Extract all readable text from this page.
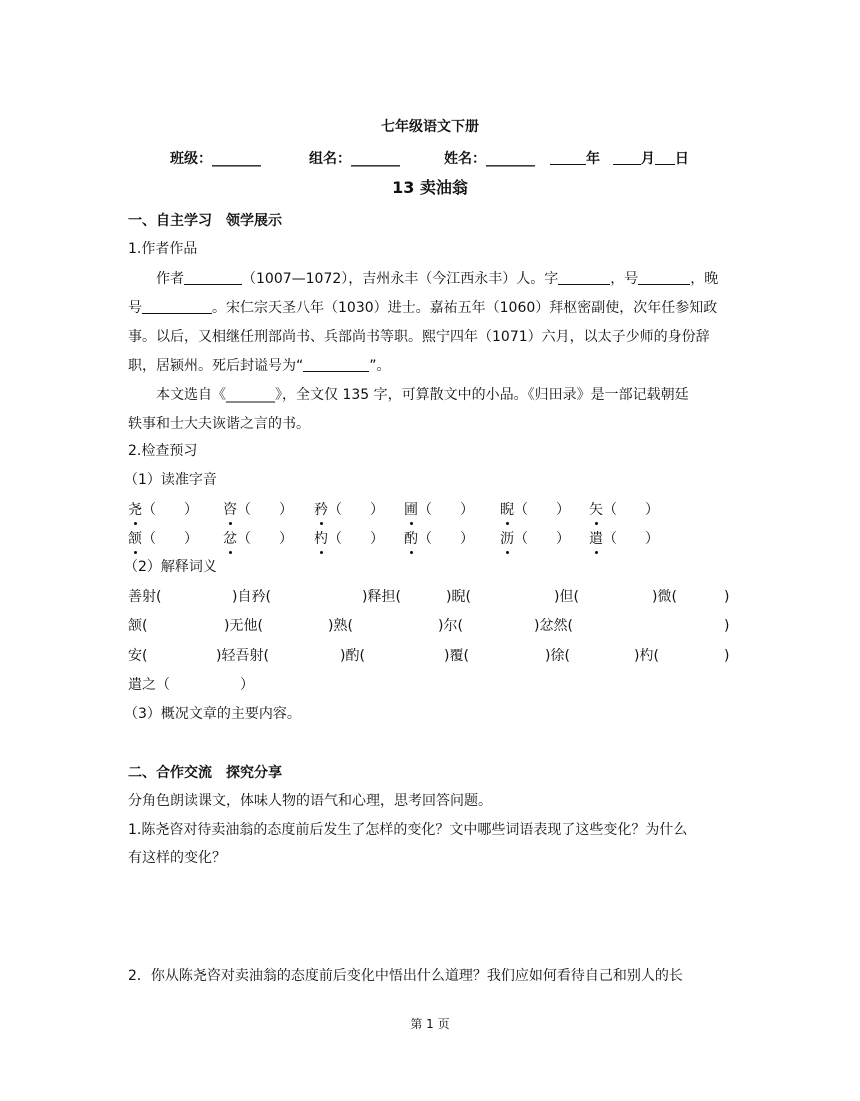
七年级语文下册
班级：_______	组名：_______	姓名：_______	年	月 日
13 卖油翁
一、自主学习　领学展示
1.作者作品
作者	（1007—1072），吉州永丰（今江西永丰）人。字	，号	，晚
号	。宋仁宗天圣八年（1030）进士。嘉祐五年（1060）拜枢密副使，次年任参知政
事。以后，又相继任刑部尚书、兵部尚书等职。熙宁四年（1071）六月，以太子少师的身份辞
职，居颍州。死后封谥号为“	”。
本文选自《_______》，全文仅 135 字，可算散文中的小品。《归田录》是一部记载朝廷
轶事和士大夫诙谐之言的书。
2.检查预习
（1）读准字音
尧（　　） 咨（　　） 矜（　　） 圃（　　） 睨（　　） 矢（　　）
颔（　　） 忿（　　） 杓（　　） 酌（　　） 沥（　　） 遣（　　）
（2）解释词义
善射(	)自矜(	)释担(	)睨(	)但(	)微(	)
颔(	)无他(	)熟(	)尔(	)忿然(	)
安(	)轻吾射(	)酌(	)覆(	)徐(	)杓(	)
遣之（　　　　　）
（3）概况文章的主要内容。
二、合作交流　探究分享
分角色朗读课文，体味人物的语气和心理，思考回答问题。
1.陈尧咨对待卖油翁的态度前后发生了怎样的变化？文中哪些词语表现了这些变化？为什么
有这样的变化？
2．你从陈尧咨对卖油翁的态度前后变化中悟出什么道理？我们应如何看待自己和别人的长
第 1 页
